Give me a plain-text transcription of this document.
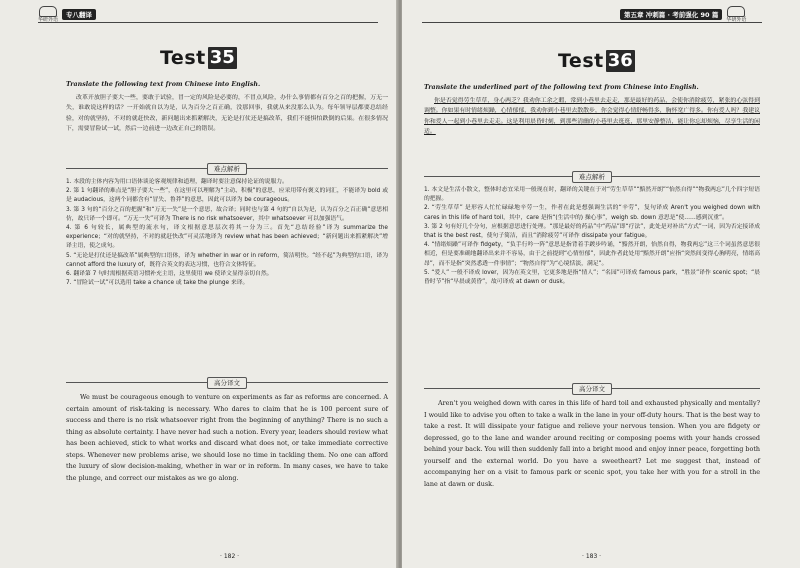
华研外语
专八翻译
Test 35
Translate the following text from Chinese into English.
改革开放胆子要大一些，要敢于试验，冒一定的风险是必要的，不冒点风险，办什么事情都有百分之百的把握，万无一失，谁敢说这样的话？一开始就自以为是，认为百分之百正确，没那回事，我就从来没那么认为。每年领导层都要总结经验，对的就坚持，不对的就赶快改，新问题出来抓紧解决，无论是打仗还是搞改革，我们不能惧怕跌倒的后果。在很多情况下，需要冒险试一试，然后一边前进一边改正自己的错误。
难点解析

1. 本段的主体内容为用口语体谈论客观规律和道理，翻译时要注意保持论证的说服力。

2. 第 1 句翻译的难点是“胆子要大一些”，在这里可以理解为“主动、积极”的意思，应采用带有褒义的词汇，不能译为 bold 或是 audacious，这两个词都含有“冒失、鲁莽”的意思，因此可以译为 be courageous。

3. 第 3 句的“百分之百的把握”和“万无一失”是一个意思，故合译；同时也与第 4 句的“自以为是，认为百分之百正确”意思相仿，故只译一个即可。“万无一失”可译为 There is no risk whatsoever，其中 whatsoever 可以加强语气。

4. 第 6 句较长，属典型的流水句，译文根据意思层次将其一分为三。首先“总结经验”译为 summarize the experience；“对的就坚持，不对的就赶快改”可灵活地译为 review what has been achieved；“新问题出来抓紧解决”增译主语，使之成句。

5. “无论是打仗还是搞改革”属典型的口语体，译为 whether in war or in reform，简洁明快。“经不起”为典型的口语，译为 cannot afford the luxury of，既符合英文的表达习惯，也符合文体特征。

6. 翻译第 7 句时需根据英语习惯补充主语，这里使用 we 使译文显得亲切自然。

7. “冒险试一试”可以选用 take a chance 或 take the plunge 来译。

高分译文
We must be courageous enough to venture on experiments as far as reforms are concerned. A certain amount of risk-taking is necessary. Who dares to claim that he is 100 percent sure of success and there is no risk whatsoever right from the beginning of anything? There is no such a thing as absolute certainty. I have never had such a notion. Every year, leaders should review what has been achieved, stick to what works and discard what does not, or take immediate corrective steps. Whenever new problems arise, we should lose no time in tackling them. No one can afford the luxury of slow decision-making, whether in war or in reform. In many cases, we have to take the plunge, and correct our mistakes as we go along.
· 182 ·
第五章 冲刺篇 · 考前强化 90 篇
华研外语
Test 36
Translate the underlined part of the following text from Chinese into English.
你是否觉得劳生草草，身心两乏？我劝你工余之暇，常到小巷里去走走，那是最好的药品，会使你消除疲劳，紧张的心弦得到调整。你如果有时情绪烦躁，心情郁郁，我劝你到小巷里去散散步，你会觉得心情舒畅得多，胸怀宽广得多。你有爱人吗？我建议你和爱人一起到小巷里去走走。这是利用晨昏时刻，到那些清幽的小巷里去逛逛，那里安静整洁，能让你忘却烦恼，尽享生活的闲适。
难点解析

1. 本文是生活小散文，整体时态宜采用一般现在时，翻译的关键在于对“劳生草草”“黯然开朗”“怡然自得”“物我两忘”几个四字短语的把握。

2. “劳生草草” 是形容人忙忙碌碌地辛劳一生，作者在此是想强调生活的“辛劳”，复句译成 Aren't you weighed down with cares in this life of hard toil，其中，care 是指“(生活中的) 操心事”，weigh sb. down 意思是“使……感到沉重”。

3. 第 2 句有好几个分句，应根据意思进行处理。“那是最好的药品”中“药品”即“疗法”，此处是对补出“方式”一词，因为否定接译成 that is the best rest，使句子简洁，而且“消除疲劳”可译作 dissipate your fatigue。

4. “情绪烦躁”可译作 fidgety，“负手行吟一阵”意思是指背着手踱步吟诵，“黯然开朗，怡然自得，物我两忘”这三个词虽然意思很相近，但是要准确地翻译出来并不容易，由于之前提到“心情恒郁”，因此作者此处用“黯然开朗”应指“突然间变得心胸明亮，情绪高昂”，而不是指“突然悉透一件事情”；“物然自得”为“心境恬淡，满足”。

5. “爱人” 一般不译成 lover，因为在英文里，它更多地是指“情人”；“名园”可译成 famous park，“胜景”译作 scenic spot；“晨昏时节”指“早晨或黄昏”，故可译成 at dawn or dusk。

高分译文
Aren't you weighed down with cares in this life of hard toil and exhausted physically and mentally? I would like to advise you often to take a walk in the lane in your off-duty hours. That is the best way to take a rest. It will dissipate your fatigue and relieve your nervous tension. When you are fidgety or depressed, go to the lane and wander around reciting or composing poems with your hands crossed behind your back. You will then suddenly fall into a bright mood and enjoy inner peace, forgetting both yourself and the external world. Do you have a sweetheart? Let me suggest that, instead of accompanying her on a visit to famous park or scenic spot, you take her with you for a stroll in the lane at dawn or dusk.
· 183 ·
